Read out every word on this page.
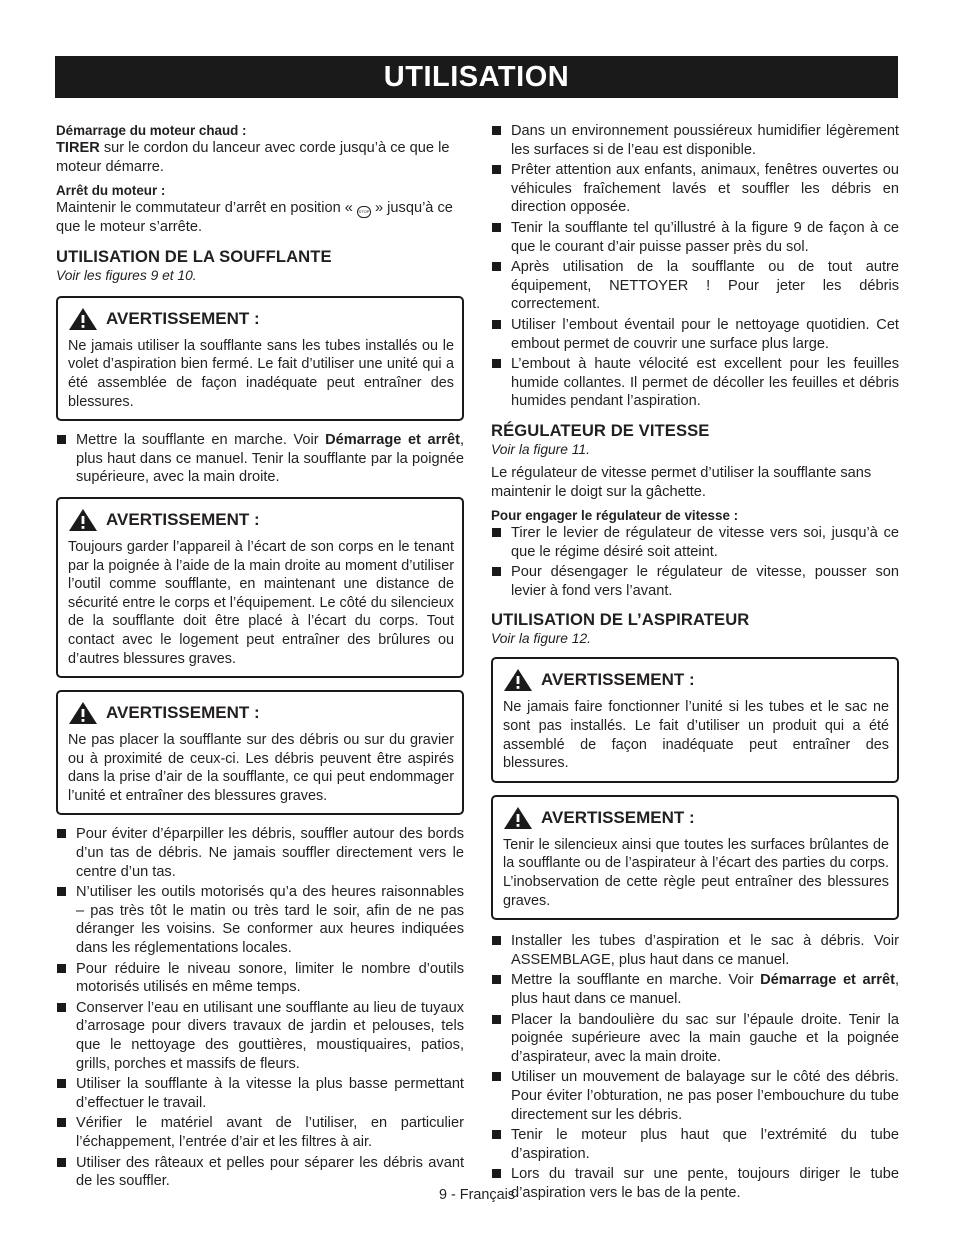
UTILISATION

Démarrage du moteur chaud :

TIRER sur le cordon du lanceur avec corde jusqu’à ce que le moteur démarre.

Arrêt du moteur :

Maintenir le commutateur d’arrêt en position « STOP » jusqu’à ce que le moteur s’arrête.

UTILISATION DE LA SOUFFLANTE

Voir les figures 9 et 10.

AVERTISSEMENT :

Ne jamais utiliser la soufflante sans les tubes installés ou le volet d’aspiration bien fermé. Le fait d’utiliser une unité qui a été assemblée de façon inadéquate peut entraîner des blessures.

Mettre la soufflante en marche. Voir Démarrage et arrêt, plus haut dans ce manuel. Tenir la soufflante par la poignée supérieure, avec la main droite.
AVERTISSEMENT :

Toujours garder l’appareil à l’écart de son corps en le tenant par la poignée à l’aide de la main droite au moment d’utiliser l’outil comme soufflante, en maintenant une distance de sécurité entre le corps et l’équipement. Le côté du silencieux de la soufflante doit être placé à l’écart du corps. Tout contact avec le logement peut entraîner des brûlures ou d’autres blessures graves.

AVERTISSEMENT :

Ne pas placer la soufflante sur des débris ou sur du gravier ou à proximité de ceux-ci. Les débris peuvent être aspirés dans la prise d’air de la soufflante, ce qui peut endommager l’unité et entraîner des blessures graves.

Pour éviter d’éparpiller les débris, souffler autour des bords d’un tas de débris. Ne jamais souffler directement vers le centre d’un tas.
N’utiliser les outils motorisés qu’a des heures raisonnables – pas très tôt le matin ou très tard le soir, afin de ne pas déranger les voisins. Se conformer aux heures indiquées dans les réglementations locales.
Pour réduire le niveau sonore, limiter le nombre d’outils motorisés utilisés en même temps.
Conserver l’eau en utilisant une soufflante au lieu de tuyaux d’arrosage pour divers travaux de jardin et pelouses, tels que le nettoyage des gouttières, moustiquaires, patios, grills, porches et massifs de fleurs.
Utiliser la soufflante à la vitesse la plus basse permettant d’effectuer le travail.
Vérifier le matériel avant de l’utiliser, en particulier l’échappement, l’entrée d’air et les filtres à air.
Utiliser des râteaux et pelles pour séparer les débris avant de les souffler.
Dans un environnement poussiéreux humidifier légèrement les surfaces si de l’eau est disponible.
Prêter attention aux enfants, animaux, fenêtres ouvertes ou véhicules fraîchement lavés et souffler les débris en direction opposée.
Tenir la soufflante tel qu’illustré à la figure 9 de façon à ce que le courant d’air puisse passer près du sol.
Après utilisation de la soufflante ou de tout autre équipement, NETTOYER ! Pour jeter les débris correctement.
Utiliser l’embout éventail pour le nettoyage quotidien. Cet embout permet de couvrir une surface plus large.
L’embout à haute vélocité est excellent pour les feuilles humide collantes. Il permet de décoller les feuilles et débris humides pendant l’aspiration.

RÉGULATEUR DE VITESSE

Voir la figure 11.

Le régulateur de vitesse permet d’utiliser la soufflante sans maintenir le doigt sur la gâchette.

Pour engager le régulateur de vitesse :

Tirer le levier de régulateur de vitesse vers soi, jusqu’à ce que le régime désiré soit atteint.
Pour désengager le régulateur de vitesse, pousser son levier à fond vers l’avant.

UTILISATION DE L’ASPIRATEUR

Voir la figure 12.

AVERTISSEMENT :

Ne jamais faire fonctionner l’unité si les tubes et le sac ne sont pas installés. Le fait d’utiliser un produit qui a été assemblé de façon inadéquate peut entraîner des blessures.

AVERTISSEMENT :

Tenir le silencieux ainsi que toutes les surfaces brûlantes de la soufflante ou de l’aspirateur à l’écart des parties du corps. L’inobservation de cette règle peut entraîner des blessures graves.

Installer les tubes d’aspiration et le sac à débris. Voir ASSEMBLAGE, plus haut dans ce manuel.
Mettre la soufflante en marche. Voir Démarrage et arrêt, plus haut dans ce manuel.
Placer la bandoulière du sac sur l’épaule droite. Tenir la poignée supérieure avec la main gauche et la poignée d’aspirateur, avec la main droite.
Utiliser un mouvement de balayage sur le côté des débris. Pour éviter l’obturation, ne pas poser l’embouchure du tube directement sur les débris.
Tenir le moteur plus haut que l’extrémité du tube d’aspiration.
Lors du travail sur une pente, toujours diriger le tube d’aspiration vers le bas de la pente.
9 - Français
